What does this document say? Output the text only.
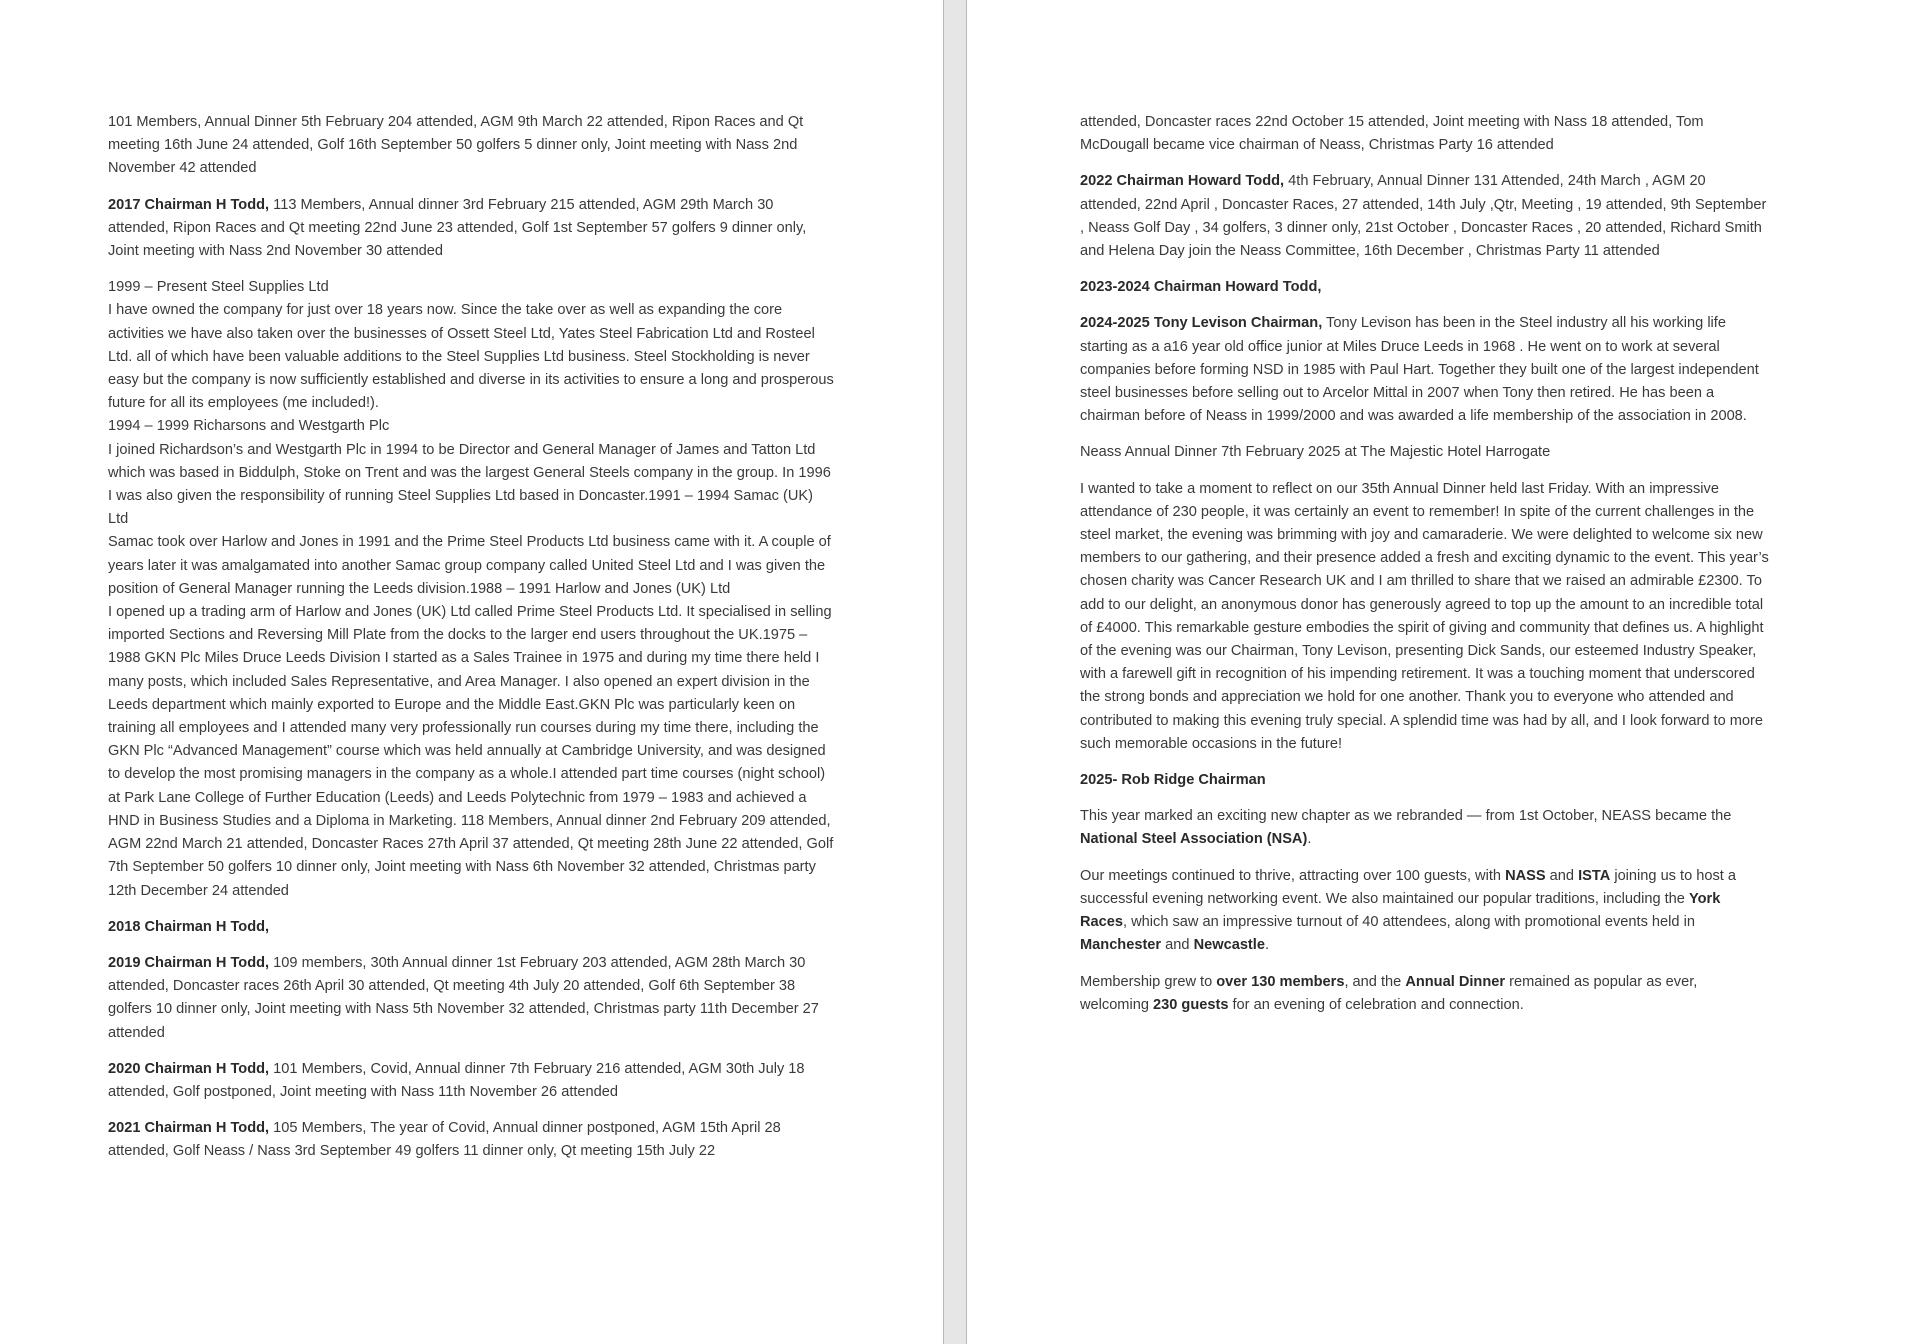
101 Members, Annual Dinner 5th February 204 attended, AGM 9th March 22 attended, Ripon Races and Qt meeting 16th June 24 attended, Golf 16th September 50 golfers 5 dinner only, Joint meeting with Nass 2nd November 42 attended

2017 Chairman H Todd, 113 Members, Annual dinner 3rd February 215 attended, AGM 29th March 30 attended, Ripon Races and Qt meeting 22nd June 23 attended, Golf 1st September 57 golfers 9 dinner only, Joint meeting with Nass 2nd November 30 attended

1999 – Present Steel Supplies Ltd

I have owned the company for just over 18 years now. Since the take over as well as expanding the core activities we have also taken over the businesses of Ossett Steel Ltd, Yates Steel Fabrication Ltd and Rosteel Ltd. all of which have been valuable additions to the Steel Supplies Ltd business. Steel Stockholding is never easy but the company is now sufficiently established and diverse in its activities to ensure a long and prosperous future for all its employees (me included!).

1994 – 1999 Richarsons and Westgarth Plc

I joined Richardson’s and Westgarth Plc in 1994 to be Director and General Manager of James and Tatton Ltd which was based in Biddulph, Stoke on Trent and was the largest General Steels company in the group. In 1996 I was also given the responsibility of running Steel Supplies Ltd based in Doncaster.1991 – 1994 Samac (UK) Ltd

Samac took over Harlow and Jones in 1991 and the Prime Steel Products Ltd business came with it. A couple of years later it was amalgamated into another Samac group company called United Steel Ltd and I was given the position of General Manager running the Leeds division.1988 – 1991 Harlow and Jones (UK) Ltd

I opened up a trading arm of Harlow and Jones (UK) Ltd called Prime Steel Products Ltd. It specialised in selling imported Sections and Reversing Mill Plate from the docks to the larger end users throughout the UK.1975 – 1988 GKN Plc Miles Druce Leeds Division I started as a Sales Trainee in 1975 and during my time there held I many posts, which included Sales Representative, and Area Manager. I also opened an expert division in the Leeds department which mainly exported to Europe and the Middle East.GKN Plc was particularly keen on training all employees and I attended many very professionally run courses during my time there, including the GKN Plc “Advanced Management” course which was held annually at Cambridge University, and was designed to develop the most promising managers in the company as a whole.I attended part time courses (night school) at Park Lane College of Further Education (Leeds) and Leeds Polytechnic from 1979 – 1983 and achieved a HND in Business Studies and a Diploma in Marketing. 118 Members, Annual dinner 2nd February 209 attended, AGM 22nd March 21 attended, Doncaster Races 27th April 37 attended, Qt meeting 28th June 22 attended, Golf 7th September 50 golfers 10 dinner only, Joint meeting with Nass 6th November 32 attended, Christmas party 12th December 24 attended

2018 Chairman H Todd,

2019 Chairman H Todd, 109 members, 30th Annual dinner 1st February 203 attended, AGM 28th March 30 attended, Doncaster races 26th April 30 attended, Qt meeting 4th July 20 attended, Golf 6th September 38 golfers 10 dinner only, Joint meeting with Nass 5th November 32 attended, Christmas party 11th December 27 attended

2020 Chairman H Todd, 101 Members, Covid, Annual dinner 7th February 216 attended, AGM 30th July 18 attended, Golf postponed, Joint meeting with Nass 11th November 26 attended

2021 Chairman H Todd, 105 Members, The year of Covid, Annual dinner postponed, AGM 15th April 28 attended, Golf Neass / Nass 3rd September 49 golfers 11 dinner only, Qt meeting 15th July 22

attended, Doncaster races 22nd October 15 attended, Joint meeting with Nass 18 attended, Tom McDougall became vice chairman of Neass, Christmas Party 16 attended

2022 Chairman Howard Todd, 4th February, Annual Dinner 131 Attended, 24th March , AGM 20 attended, 22nd April , Doncaster Races, 27 attended, 14th July ,Qtr, Meeting , 19 attended, 9th September , Neass Golf Day , 34 golfers, 3 dinner only, 21st October , Doncaster Races , 20 attended, Richard Smith and Helena Day join the Neass Committee, 16th December , Christmas Party 11 attended

2023-2024 Chairman Howard Todd,

2024-2025 Tony Levison Chairman, Tony Levison has been in the Steel industry all his working life starting as a a16 year old office junior at Miles Druce Leeds in 1968 . He went on to work at several companies before forming NSD in 1985 with Paul Hart. Together they built one of the largest independent steel businesses before selling out to Arcelor Mittal in 2007 when Tony then retired. He has been a chairman before of Neass in 1999/2000 and was awarded a life membership of the association in 2008.

Neass Annual Dinner 7th February 2025 at The Majestic Hotel Harrogate

I wanted to take a moment to reflect on our 35th Annual Dinner held last Friday. With an impressive attendance of 230 people, it was certainly an event to remember! In spite of the current challenges in the steel market, the evening was brimming with joy and camaraderie. We were delighted to welcome six new members to our gathering, and their presence added a fresh and exciting dynamic to the event. This year’s chosen charity was Cancer Research UK and I am thrilled to share that we raised an admirable £2300. To add to our delight, an anonymous donor has generously agreed to top up the amount to an incredible total of £4000. This remarkable gesture embodies the spirit of giving and community that defines us. A highlight of the evening was our Chairman, Tony Levison, presenting Dick Sands, our esteemed Industry Speaker, with a farewell gift in recognition of his impending retirement. It was a touching moment that underscored the strong bonds and appreciation we hold for one another. Thank you to everyone who attended and contributed to making this evening truly special. A splendid time was had by all, and I look forward to more such memorable occasions in the future!

2025- Rob Ridge Chairman

This year marked an exciting new chapter as we rebranded — from 1st October, NEASS became the National Steel Association (NSA).

Our meetings continued to thrive, attracting over 100 guests, with NASS and ISTA joining us to host a successful evening networking event. We also maintained our popular traditions, including the York Races, which saw an impressive turnout of 40 attendees, along with promotional events held in Manchester and Newcastle.

Membership grew to over 130 members, and the Annual Dinner remained as popular as ever, welcoming 230 guests for an evening of celebration and connection.
